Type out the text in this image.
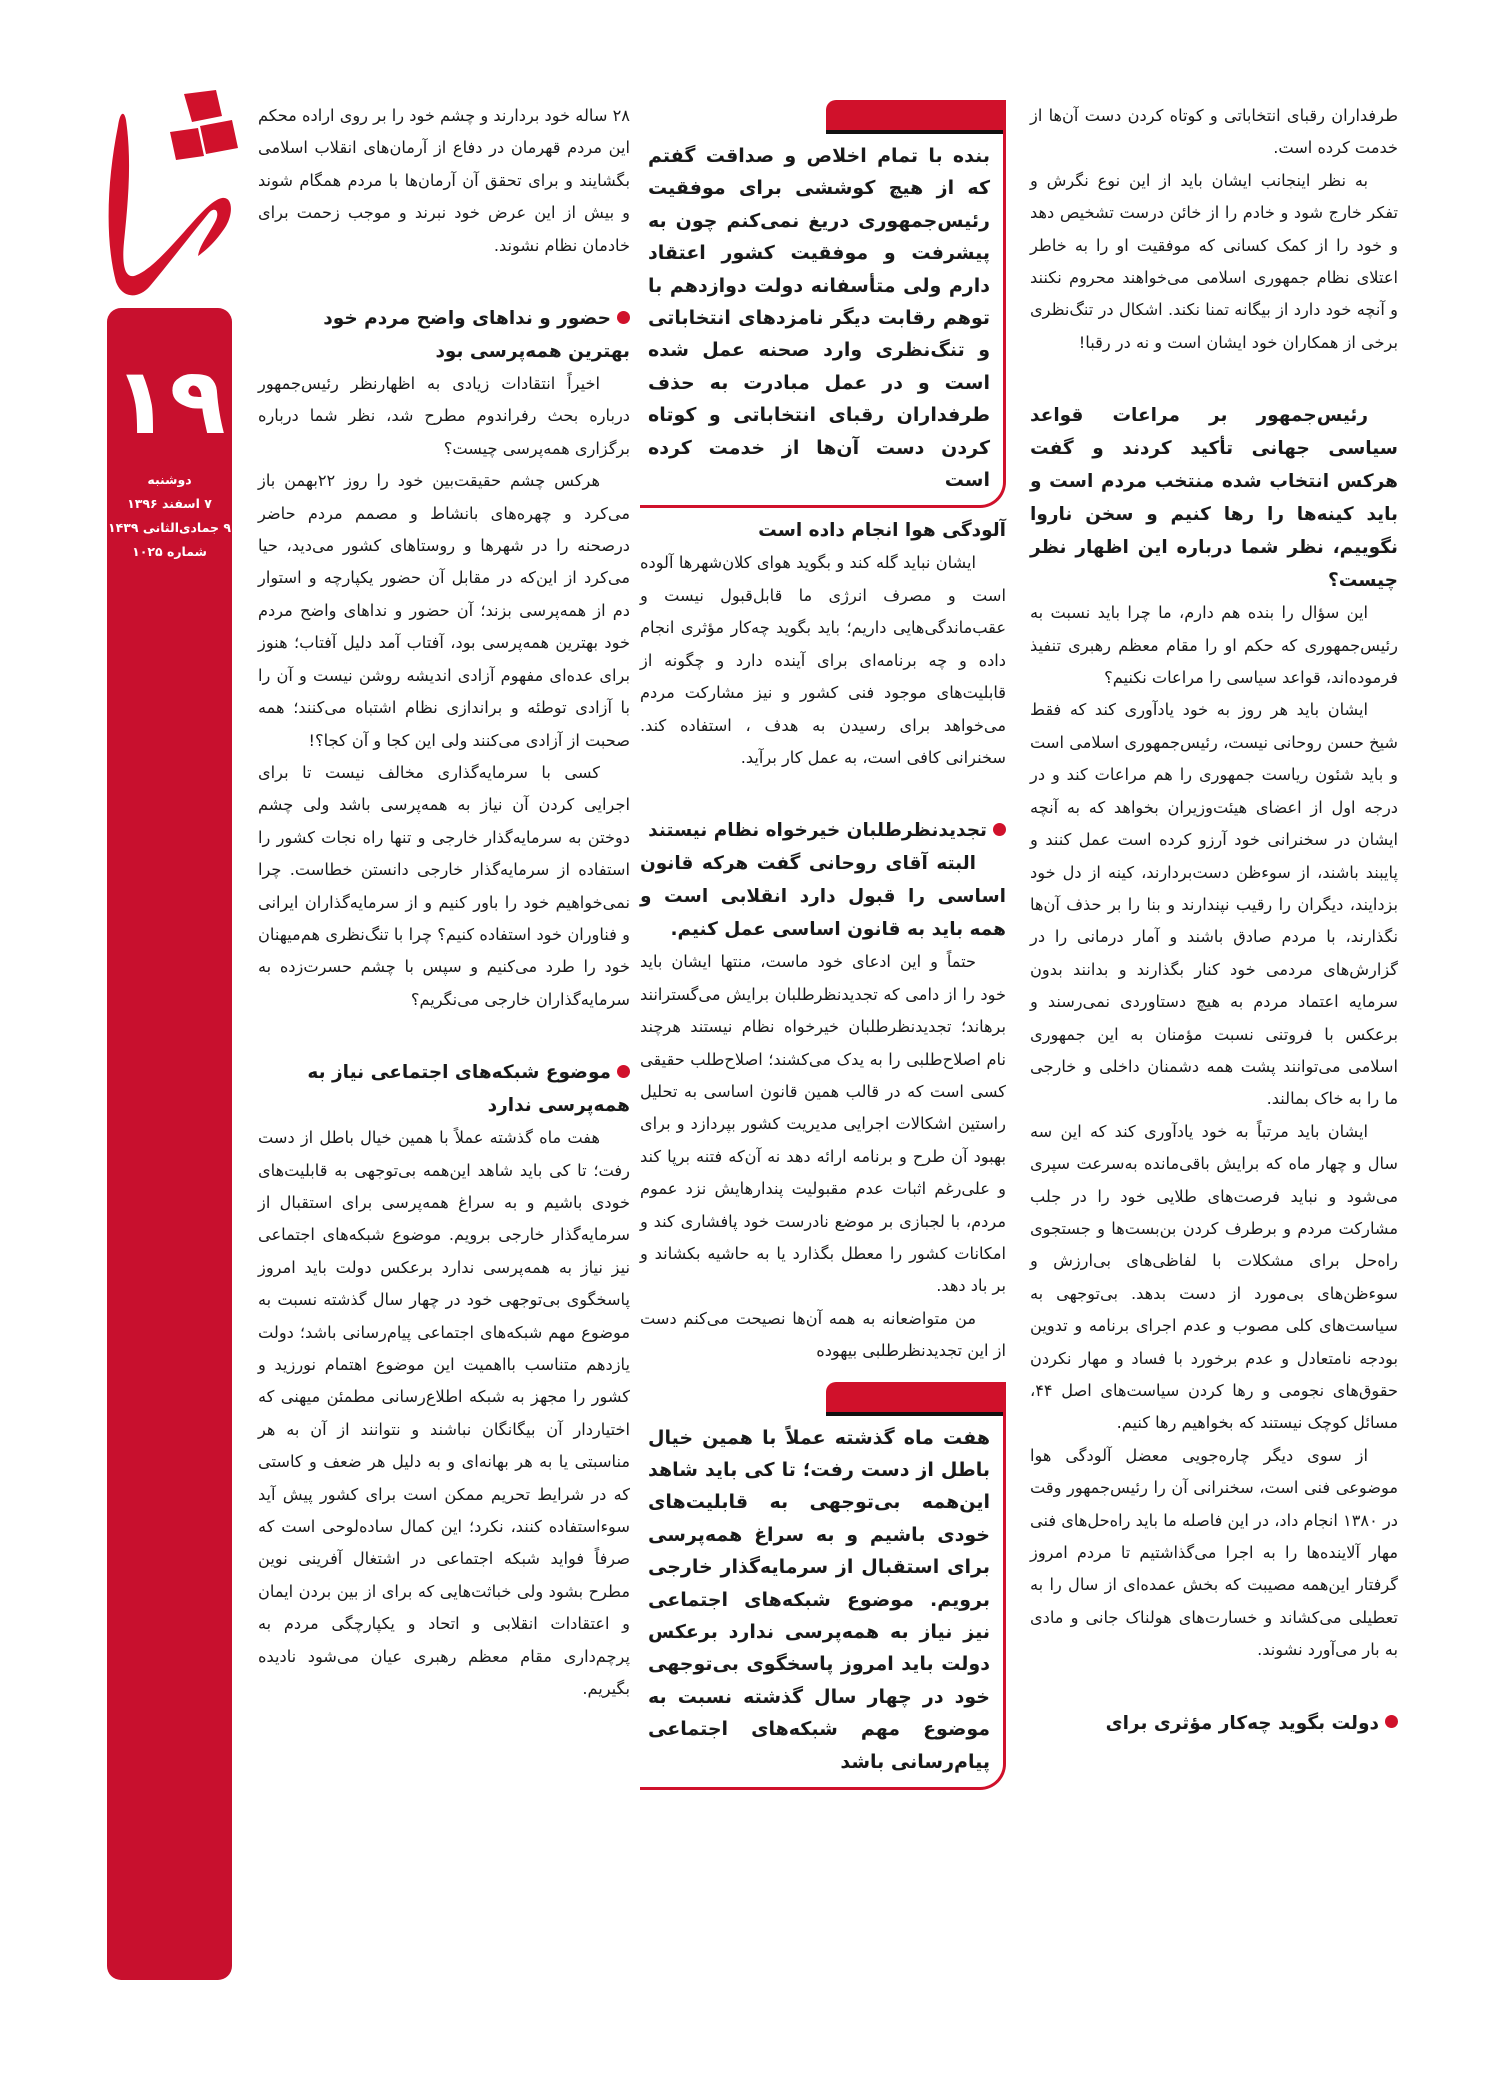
۱۹
دوشنبه
۷ اسفند ۱۳۹۶
۹ جمادی‌الثانی ۱۴۳۹
شماره ۱۰۲۵

۲۸ ساله خود بردارند و چشم خود را بر روی اراده محکم این مردم قهرمان در دفاع از آرمان‌های انقلاب اسلامی بگشایند و برای تحقق آن آرمان‌ها با مردم همگام شوند و بیش از این عرض خود نبرند و موجب زحمت برای خادمان نظام نشوند.

حضور و نداهای واضح مردم خود بهترین همه‌پرسی بود

اخیراً انتقادات زیادی به اظهارنظر رئیس‌جمهور درباره بحث رفراندوم مطرح شد، نظر شما درباره برگزاری همه‌پرسی چیست؟

هرکس چشم حقیقت‌بین خود را روز ۲۲بهمن باز می‌کرد و چهره‌های بانشاط و مصمم مردم حاضر درصحنه را در شهرها و روستاهای کشور می‌دید، حیا می‌کرد از این‌که در مقابل آن حضور یکپارچه و استوار دم از همه‌پرسی بزند؛ آن حضور و نداهای واضح مردم خود بهترین همه‌پرسی بود، آفتاب آمد دلیل آفتاب؛ هنوز برای عده‌ای مفهوم آزادی اندیشه روشن نیست و آن را با آزادی توطئه و براندازی نظام اشتباه می‌کنند؛ همه صحبت از آزادی می‌کنند ولی این کجا و آن کجا؟!

کسی با سرمایه‌گذاری مخالف نیست تا برای اجرایی کردن آن نیاز به همه‌پرسی باشد ولی چشم دوختن به سرمایه‌گذار خارجی و تنها راه نجات کشور را استفاده از سرمایه‌گذار خارجی دانستن خطاست. چرا نمی‌خواهیم خود را باور کنیم و از سرمایه‌گذاران ایرانی و فناوران خود استفاده کنیم؟ چرا با تنگ‌نظری هم‌میهنان خود را طرد می‌کنیم و سپس با چشم حسرت‌زده به سرمایه‌گذاران خارجی می‌نگریم؟

موضوع شبکه‌های اجتماعی نیاز به همه‌پرسی ندارد

هفت ماه گذشته عملاً با همین خیال باطل از دست رفت؛ تا کی باید شاهد این‌همه بی‌توجهی به قابلیت‌های خودی باشیم و به سراغ همه‌پرسی برای استقبال از سرمایه‌گذار خارجی برویم. موضوع شبکه‌های اجتماعی نیز نیاز به همه‌پرسی ندارد برعکس دولت باید امروز پاسخگوی بی‌توجهی خود در چهار سال گذشته نسبت به موضوع مهم شبکه‌های اجتماعی پیام‌رسانی باشد؛ دولت یازدهم متناسب بااهمیت این موضوع اهتمام نورزید و کشور را مجهز به شبکه اطلاع‌رسانی مطمئن میهنی که اختیاردار آن بیگانگان نباشند و نتوانند از آن به هر مناسبتی یا به هر بهانه‌ای و به دلیل هر ضعف و کاستی که در شرایط تحریم ممکن است برای کشور پیش آید سوءاستفاده کنند، نکرد؛ این کمال ساده‌لوحی است که صرفاً فواید شبکه اجتماعی در اشتغال آفرینی نوین مطرح بشود ولی خباثت‌هایی که برای از بین بردن ایمان و اعتقادات انقلابی و اتحاد و یکپارچگی مردم به پرچم‌داری مقام معظم رهبری عیان می‌شود نادیده بگیریم.

بنده با تمام اخلاص و صداقت گفتم که از هیچ کوششی برای موفقیت رئیس‌جمهوری دریغ نمی‌کنم چون به پیشرفت و موفقیت کشور اعتقاد دارم ولی متأسفانه دولت دوازدهم با توهم رقابت دیگر نامزدهای انتخاباتی و تنگ‌نظری وارد صحنه عمل شده است و در عمل مبادرت به حذف طرفداران رقبای انتخاباتی و کوتاه کردن دست آن‌ها از خدمت کرده است
آلودگی هوا انجام داده است

ایشان نباید گله کند و بگوید هوای کلان‌شهرها آلوده است و مصرف انرژی ما قابل‌قبول نیست و عقب‌ماندگی‌هایی داریم؛ باید بگوید چه‌کار مؤثری انجام داده و چه برنامه‌ای برای آینده دارد و چگونه از قابلیت‌های موجود فنی کشور و نیز مشارکت مردم می‌خواهد برای رسیدن به هدف ، استفاده کند. سخنرانی کافی است، به عمل کار برآید.

تجدیدنظرطلبان خیرخواه نظام نیستند

البته آقای روحانی گفت هرکه قانون اساسی را قبول دارد انقلابی است و همه باید به قانون اساسی عمل کنیم.

حتماً و این ادعای خود ماست، منتها ایشان باید خود را از دامی که تجدیدنظرطلبان برایش می‌گسترانند برهاند؛ تجدیدنظرطلبان خیرخواه نظام نیستند هرچند نام اصلاح‌طلبی را به یدک می‌کشند؛ اصلاح‌طلب حقیقی کسی است که در قالب همین قانون اساسی به تحلیل راستین اشکالات اجرایی مدیریت کشور بپردازد و برای بهبود آن طرح و برنامه ارائه دهد نه آن‌که فتنه برپا کند و علی‌رغم اثبات عدم مقبولیت پندارهایش نزد عموم مردم، با لجبازی بر موضع نادرست خود پافشاری کند و امکانات کشور را معطل بگذارد یا به حاشیه بکشاند و بر باد دهد.

من متواضعانه به همه آن‌ها نصیحت می‌کنم دست از این تجدیدنظرطلبی بیهوده

هفت ماه گذشته عملاً با همین خیال باطل از دست رفت؛ تا کی باید شاهد این‌همه بی‌توجهی به قابلیت‌های خودی باشیم و به سراغ همه‌پرسی برای استقبال از سرمایه‌گذار خارجی برویم. موضوع شبکه‌های اجتماعی نیز نیاز به همه‌پرسی ندارد برعکس دولت باید امروز پاسخگوی بی‌توجهی خود در چهار سال گذشته نسبت به موضوع مهم شبکه‌های اجتماعی پیام‌رسانی باشد

طرفداران رقبای انتخاباتی و کوتاه کردن دست آن‌ها از خدمت کرده است.

به نظر اینجانب ایشان باید از این نوع نگرش و تفکر خارج شود و خادم را از خائن درست تشخیص دهد و خود را از کمک کسانی که موفقیت او را به خاطر اعتلای نظام جمهوری اسلامی می‌خواهند محروم نکنند و آنچه خود دارد از بیگانه تمنا نکند. اشکال در تنگ‌نظری برخی از همکاران خود ایشان است و نه در رقبا!

رئیس‌جمهور بر مراعات قواعد سیاسی جهانی تأکید کردند و گفت هرکس انتخاب شده منتخب مردم است و باید کینه‌ها را رها کنیم و سخن ناروا نگوییم، نظر شما درباره این اظهار نظر چیست؟

این سؤال را بنده هم دارم، ما چرا باید نسبت به رئیس‌جمهوری که حکم او را مقام معظم رهبری تنفیذ فرموده‌اند، قواعد سیاسی را مراعات نکنیم؟

ایشان باید هر روز به خود یادآوری کند که فقط شیخ حسن روحانی نیست، رئیس‌جمهوری اسلامی است و باید شئون ریاست جمهوری را هم مراعات کند و در درجه اول از اعضای هیئت‌وزیران بخواهد که به آنچه ایشان در سخنرانی خود آرزو کرده است عمل کنند و پایبند باشند، از سوءظن دست‌بردارند، کینه از دل خود بزدایند، دیگران را رقیب نپندارند و بنا را بر حذف آن‌ها نگذارند، با مردم صادق باشند و آمار درمانی را در گزارش‌های مردمی خود کنار بگذارند و بدانند بدون سرمایه اعتماد مردم به هیچ دستاوردی نمی‌رسند و برعکس با فروتنی نسبت مؤمنان به این جمهوری اسلامی می‌توانند پشت همه دشمنان داخلی و خارجی ما را به خاک بمالند.

ایشان باید مرتباً به خود یادآوری کند که این سه سال و چهار ماه که برایش باقی‌مانده به‌سرعت سپری می‌شود و نباید فرصت‌های طلایی خود را در جلب مشارکت مردم و برطرف کردن بن‌بست‌ها و جستجوی راه‌حل برای مشکلات با لفاظی‌های بی‌ارزش و سوءظن‌های بی‌مورد از دست بدهد. بی‌توجهی به سیاست‌های کلی مصوب و عدم اجرای برنامه و تدوین بودجه نامتعادل و عدم برخورد با فساد و مهار نکردن حقوق‌های نجومی و رها کردن سیاست‌های اصل ۴۴، مسائل کوچک نیستند که بخواهیم رها کنیم.

از سوی دیگر چاره‌جویی معضل آلودگی هوا موضوعی فنی است، سخنرانی آن را رئیس‌جمهور وقت در ۱۳۸۰ انجام داد، در این فاصله ما باید راه‌حل‌های فنی مهار آلاینده‌ها را به اجرا می‌گذاشتیم تا مردم امروز گرفتار این‌همه مصیبت که بخش عمده‌ای از سال را به تعطیلی می‌کشاند و خسارت‌های هولناک جانی و مادی به بار می‌آورد نشوند.

دولت بگوید چه‌کار مؤثری برای
